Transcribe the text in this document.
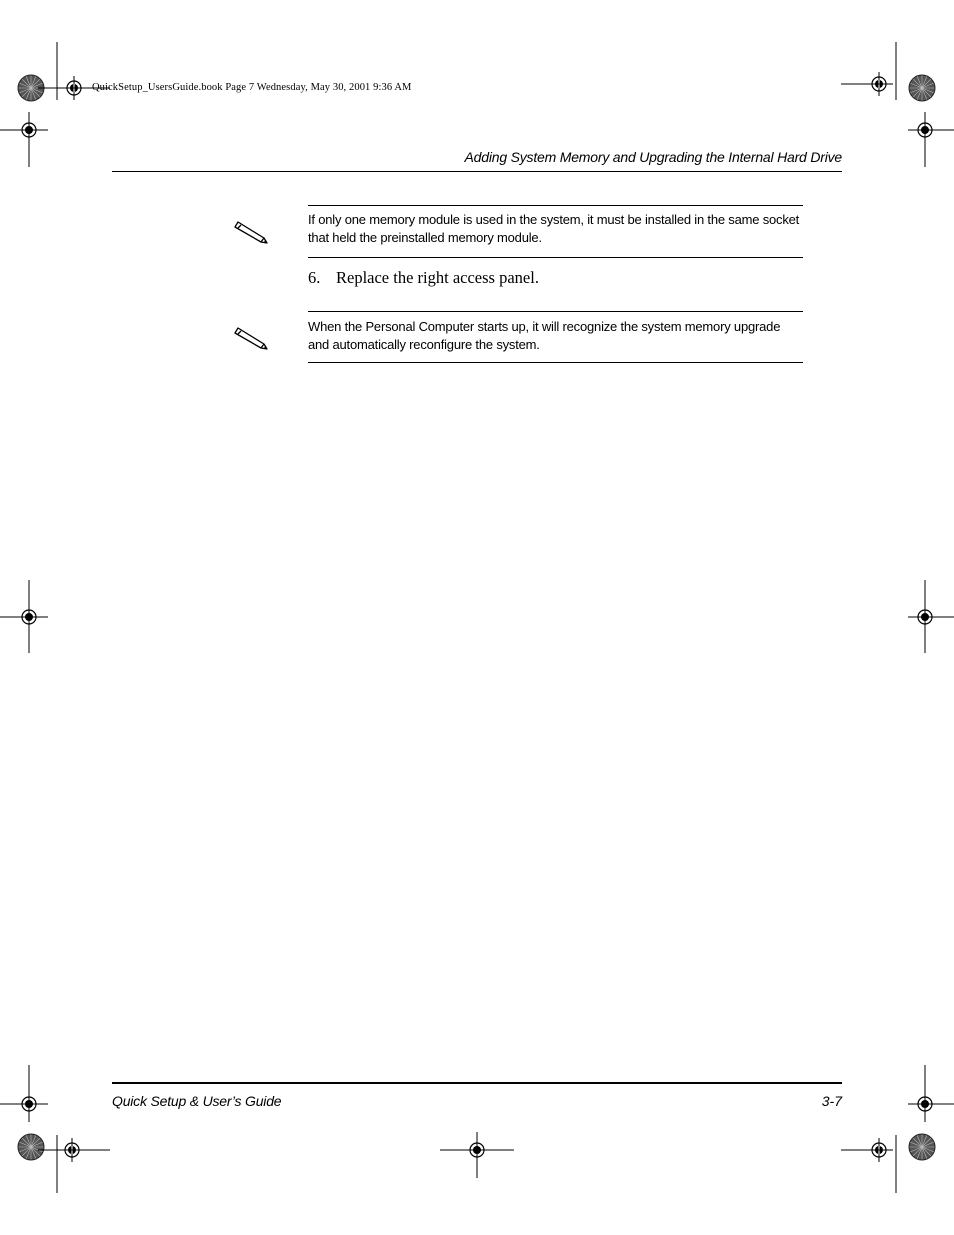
QuickSetup_UsersGuide.book Page 7 Wednesday, May 30, 2001 9:36 AM
Adding System Memory and Upgrading the Internal Hard Drive
If only one memory module is used in the system, it must be installed in the same socket that held the preinstalled memory module.
6. Replace the right access panel.
When the Personal Computer starts up, it will recognize the system memory upgrade and automatically reconfigure the system.
Quick Setup & User’s Guide	3-7
